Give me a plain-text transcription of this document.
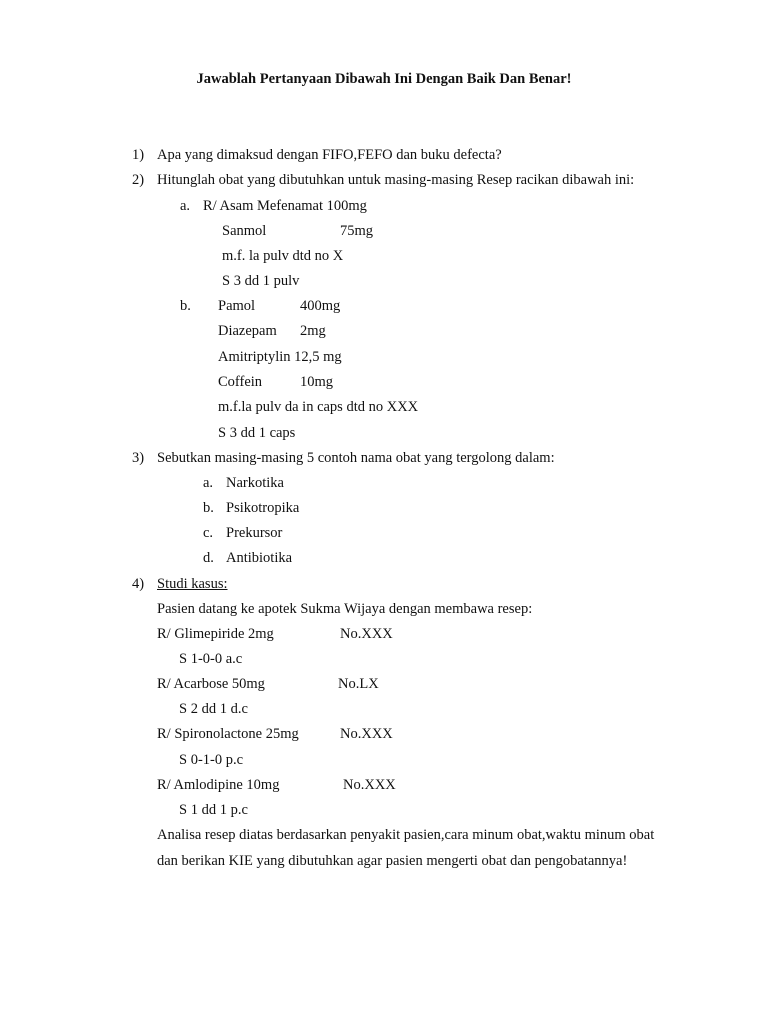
Jawablah Pertanyaan Dibawah Ini Dengan Baik Dan Benar!
1) Apa yang dimaksud dengan FIFO,FEFO dan buku defecta?
2) Hitunglah obat yang dibutuhkan untuk masing-masing Resep racikan dibawah ini:
a. R/ Asam Mefenamat 100mg
Sanmol	75mg
m.f. la pulv dtd no X
S 3 dd 1 pulv
b. Pamol	400mg
Diazepam 2mg
Amitriptylin 12,5 mg
Coffein	10mg
m.f.la pulv da in caps dtd no XXX
S 3 dd 1 caps
3) Sebutkan masing-masing 5 contoh nama obat yang tergolong dalam:
a. Narkotika
b. Psikotropika
c. Prekursor
d. Antibiotika
4) Studi kasus:
Pasien datang ke apotek Sukma Wijaya dengan membawa resep:
R/ Glimepiride 2mg	No.XXX
S 1-0-0 a.c
R/ Acarbose 50mg	No.LX
S 2 dd 1 d.c
R/ Spironolactone 25mg	No.XXX
S 0-1-0 p.c
R/ Amlodipine 10mg	No.XXX
S 1 dd 1 p.c
Analisa resep diatas berdasarkan penyakit pasien,cara minum obat,waktu minum obat
dan berikan KIE yang dibutuhkan agar pasien mengerti obat dan pengobatannya!
